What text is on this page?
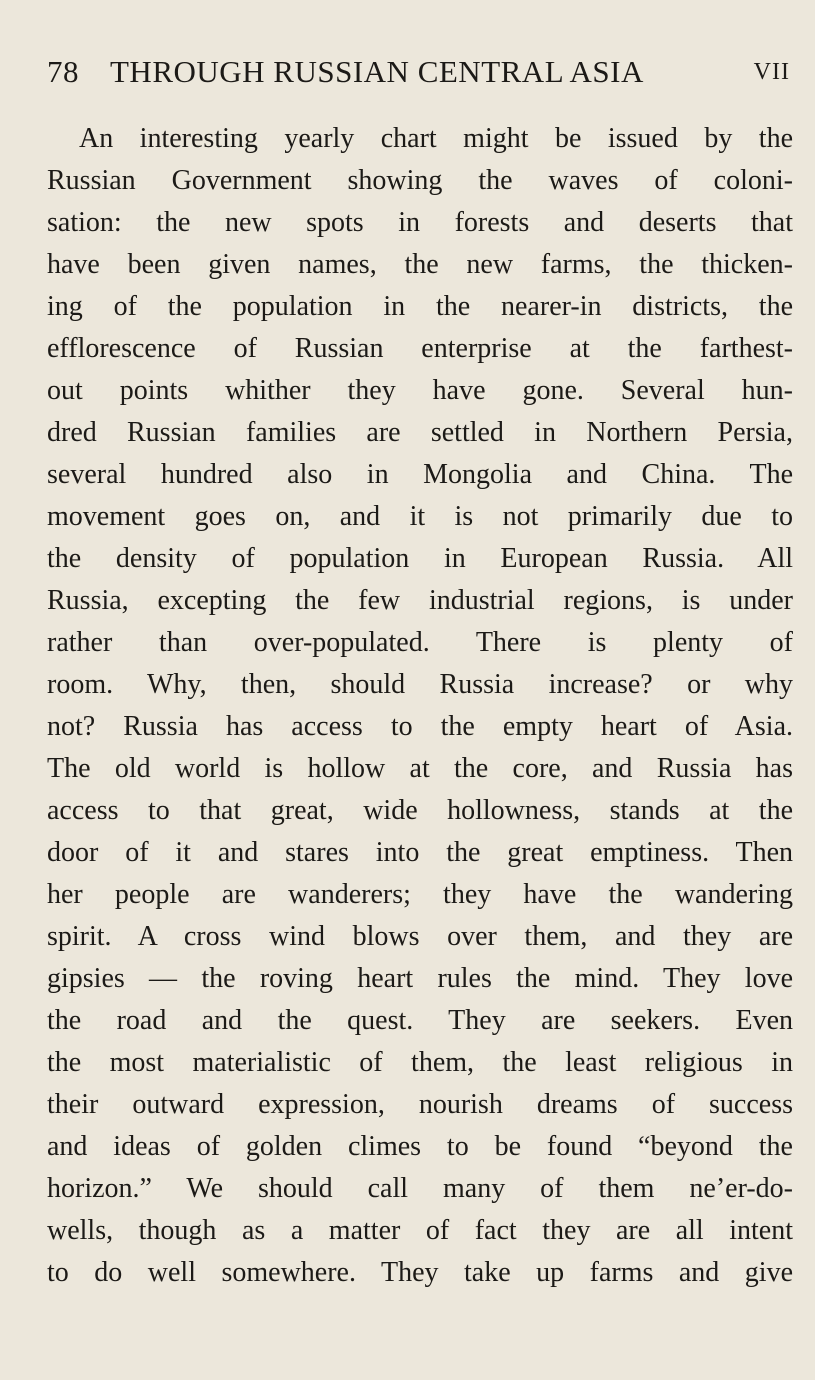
78 THROUGH RUSSIAN CENTRAL ASIA	VII
An interesting yearly chart might be issued by the
Russian Government showing the waves of coloni-
sation: the new spots in forests and deserts that
have been given names, the new farms, the thicken-
ing of the population in the nearer-in districts, the
efflorescence of Russian enterprise at the farthest-
out points whither they have gone. Several hun-
dred Russian families are settled in Northern Persia,
several hundred also in Mongolia and China. The
movement goes on, and it is not primarily due to
the density of population in European Russia. All
Russia, excepting the few industrial regions, is under
rather than over-populated. There is plenty of
room. Why, then, should Russia increase? or why
not? Russia has access to the empty heart of Asia.
The old world is hollow at the core, and Russia has
access to that great, wide hollowness, stands at the
door of it and stares into the great emptiness. Then
her people are wanderers; they have the wandering
spirit. A cross wind blows over them, and they are
gipsies — the roving heart rules the mind. They love
the road and the quest. They are seekers. Even
the most materialistic of them, the least religious in
their outward expression, nourish dreams of success
and ideas of golden climes to be found “beyond the
horizon.” We should call many of them ne’er-do-
wells, though as a matter of fact they are all intent
to do well somewhere. They take up farms and give
